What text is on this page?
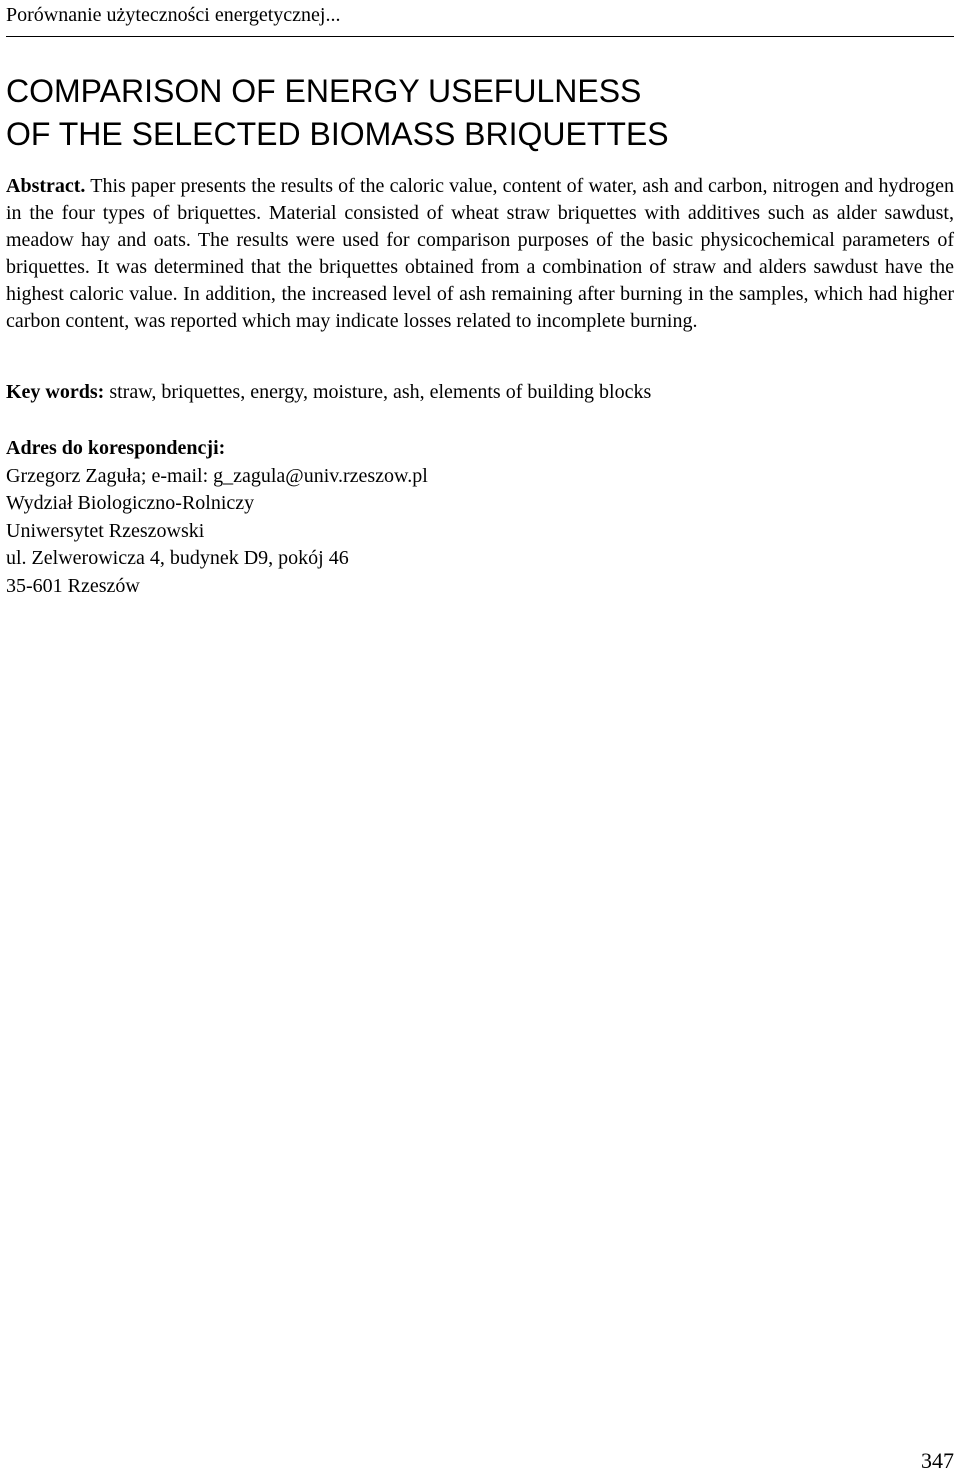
Porównanie użyteczności energetycznej...
COMPARISON OF ENERGY USEFULNESS
OF THE SELECTED BIOMASS BRIQUETTES

Abstract. This paper presents the results of the caloric value, content of water, ash and carbon, nitrogen and hydrogen in the four types of briquettes. Material consisted of wheat straw briquettes with additives such as alder sawdust, meadow hay and oats. The results were used for comparison purposes of the basic physicochemical parameters of briquettes. It was determined that the briquettes obtained from a combination of straw and alders sawdust have the highest caloric value. In addition, the increased level of ash remaining after burning in the samples, which had higher carbon content, was reported which may indicate losses related to incomplete burning.

Key words: straw, briquettes, energy, moisture, ash, elements of building blocks

Adres do korespondencji:
Grzegorz Zaguła; e-mail: g_zagula@univ.rzeszow.pl
Wydział Biologiczno-Rolniczy
Uniwersytet Rzeszowski
ul. Zelwerowicza 4, budynek D9, pokój 46
35-601 Rzeszów
347
